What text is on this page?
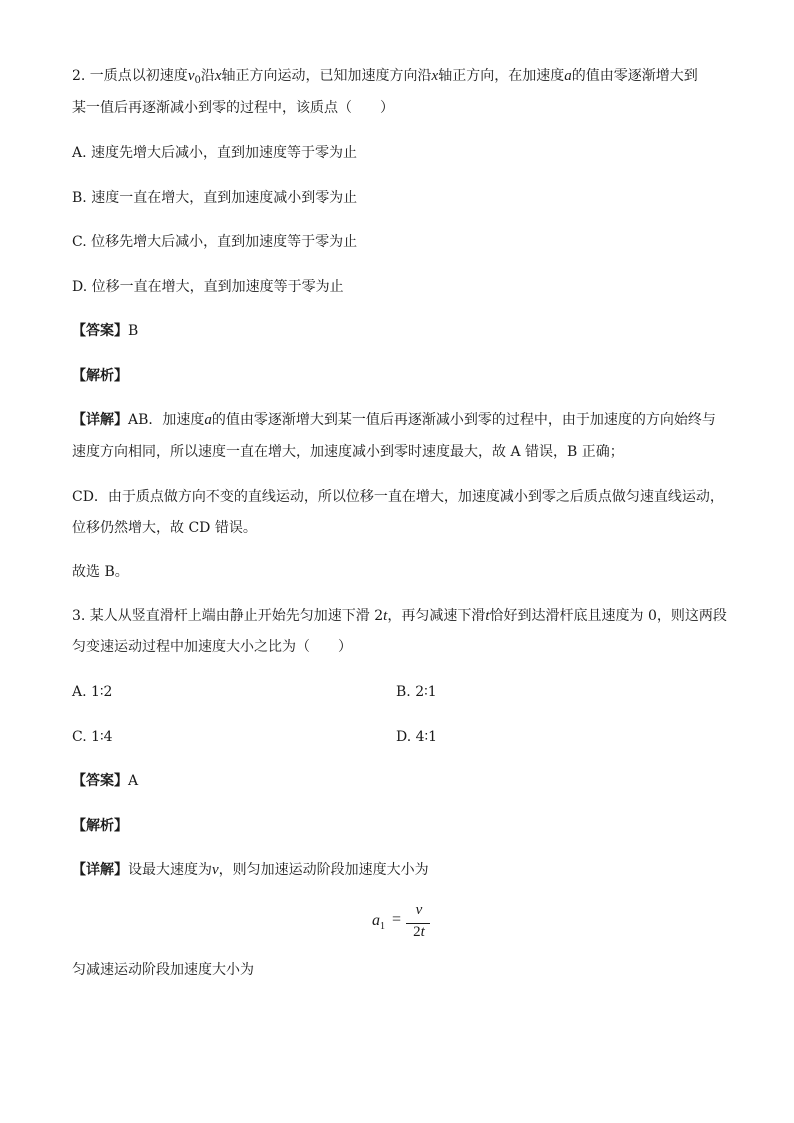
2. 一质点以初速度$v_0$沿x轴正方向运动，已知加速度方向沿x轴正方向，在加速度a的值由零逐渐增大到
某一值后再逐渐减小到零的过程中，该质点（　　）
A. 速度先增大后减小，直到加速度等于零为止
B. 速度一直在增大，直到加速度减小到零为止
C. 位移先增大后减小，直到加速度等于零为止
D. 位移一直在增大，直到加速度等于零为止
【答案】B
【解析】
【详解】AB．加速度a的值由零逐渐增大到某一值后再逐渐减小到零的过程中，由于加速度的方向始终与
速度方向相同，所以速度一直在增大，加速度减小到零时速度最大，故 A 错误，B 正确；
CD．由于质点做方向不变的直线运动，所以位移一直在增大，加速度减小到零之后质点做匀速直线运动，
位移仍然增大，故 CD 错误。
故选 B。
3. 某人从竖直滑杆上端由静止开始先匀加速下滑 2t，再匀减速下滑t恰好到达滑杆底且速度为 0，则这两段
匀变速运动过程中加速度大小之比为（　　）
A. 1∶2	B. 2∶1
C. 1∶4	D. 4∶1
【答案】A
【解析】
【详解】设最大速度为v，则匀加速运动阶段加速度大小为
$a_1$ =
v
2t
匀减速运动阶段加速度大小为
